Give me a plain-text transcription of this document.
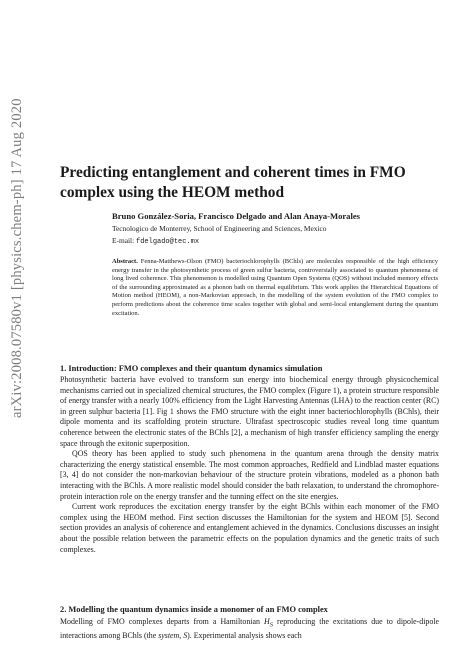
arXiv:2008.07580v1 [physics.chem-ph] 17 Aug 2020 Predicting entanglement and coherent times in FMO complex using the HEOM method
Bruno González-Soria, Francisco Delgado and Alan Anaya-Morales
Tecnologico de Monterrey, School of Engineering and Sciences, Mexico
E-mail: fdelgado@tec.mx
Abstract. Fenna-Matthews-Olson (FMO) bacteriochlorophylls (BChls) are molecules responsible of the high efficiency energy transfer in the photosynthetic process of green sulfur bacteria, controversially associated to quantum phenomena of long lived coherence. This phenomenon is modelled using Quantum Open Systems (QOS) without included memory effects of the surrounding approximated as a phonon bath on thermal equilibrium. This work applies the Hierarchical Equations of Motion method (HEOM), a non-Markovian approach, in the modelling of the system evolution of the FMO complex to perform predictions about the coherence time scales together with global and semi-local entanglement during the quantum excitation.
1. Introduction: FMO complexes and their quantum dynamics simulation

Photosynthetic bacteria have evolved to transform sun energy into biochemical energy through physicochemical mechanisms carried out in specialized chemical structures, the FMO complex (Figure 1), a protein structure responsible of energy transfer with a nearly 100% efficiency from the Light Harvesting Antennas (LHA) to the reaction center (RC) in green sulphur bacteria [1]. Fig 1 shows the FMO structure with the eight inner bacteriochlorophylls (BChls), their dipole momenta and its scaffolding protein structure. Ultrafast spectroscopic studies reveal long time quantum coherence between the electronic states of the BChls [2], a mechanism of high transfer efficiency sampling the energy space through the exitonic superposition.

QOS theory has been applied to study such phenomena in the quantum arena through the density matrix characterizing the energy statistical ensemble. The most common approaches, Redfield and Lindblad master equations [3, 4] do not consider the non-markovian behaviour of the structure protein vibrations, modeled as a phonon bath interacting with the BChls. A more realistic model should consider the bath relaxation, to understand the chromophore-protein interaction role on the energy transfer and the tunning effect on the site energies.

Current work reproduces the excitation energy transfer by the eight BChls within each monomer of the FMO complex using the HEOM method. First section discusses the Hamiltonian for the system and HEOM [5]. Second section provides an analysis of coherence and entanglement achieved in the dynamics. Conclusions discusses an insight about the possible relation between the parametric effects on the population dynamics and the genetic traits of such complexes.

2. Modelling the quantum dynamics inside a monomer of an FMO complex

Modelling of FMO complexes departs from a Hamiltonian $H_S$ reproducing the excitations due to dipole-dipole interactions among BChls (the system, S). Experimental analysis shows each
